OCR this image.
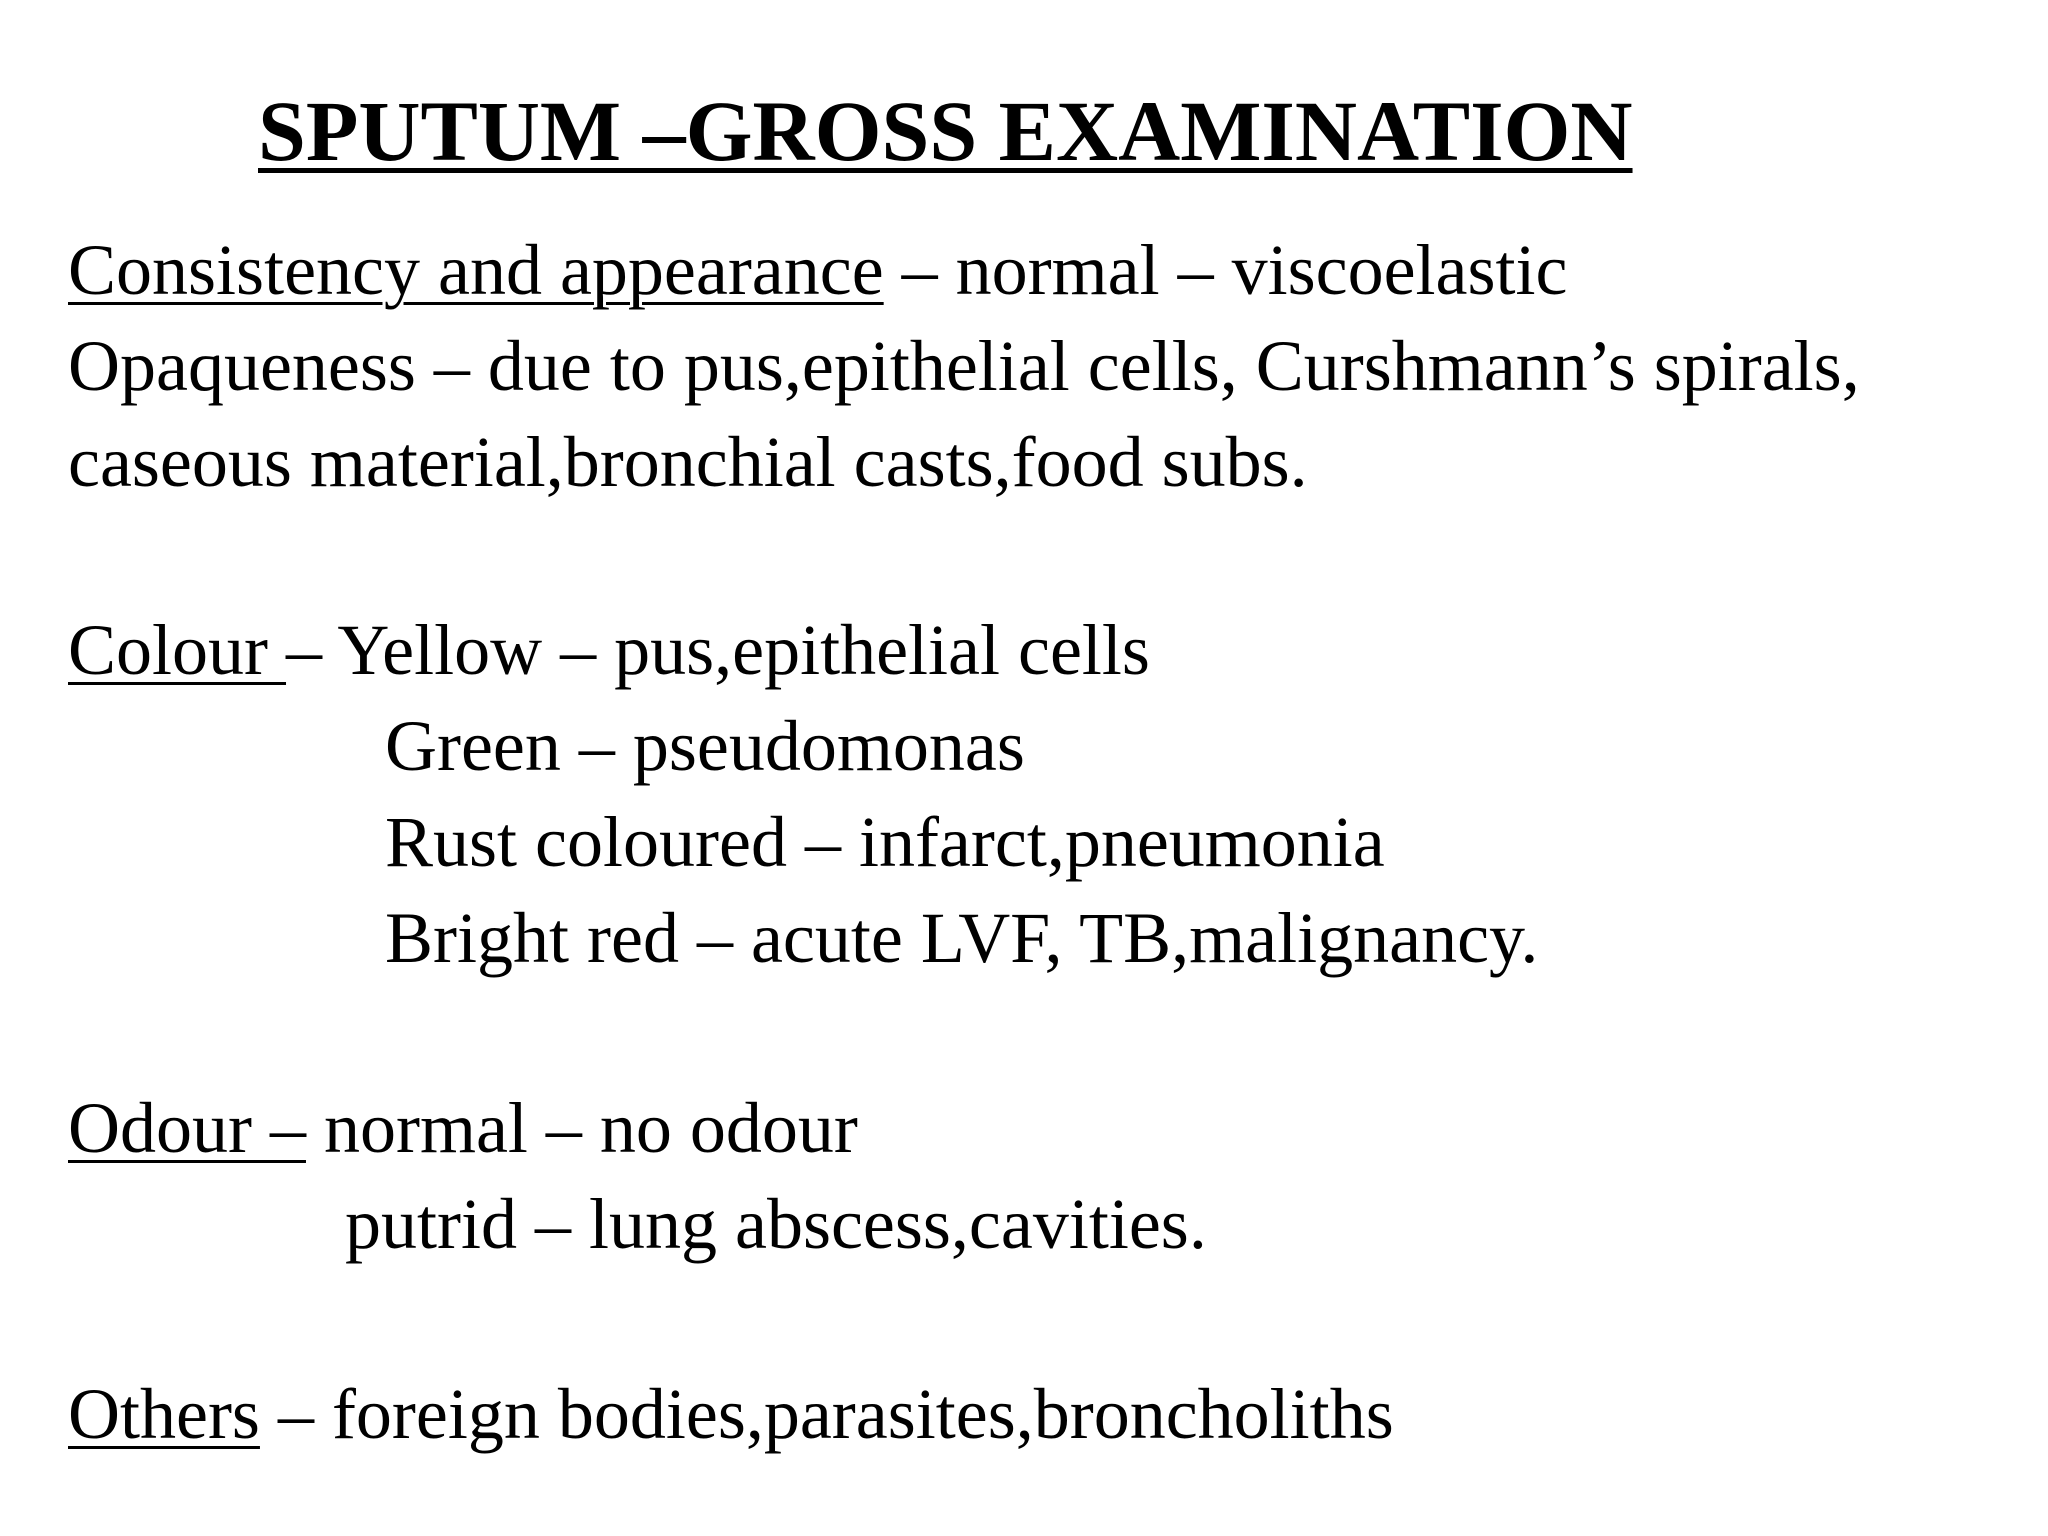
SPUTUM –GROSS EXAMINATION
Consistency and appearance – normal – viscoelastic
Opaqueness – due to pus,epithelial cells, Curshmann’s spirals,
caseous material,bronchial casts,food subs.
Colour – Yellow – pus,epithelial cells
Green – pseudomonas
Rust coloured – infarct,pneumonia
Bright red – acute LVF, TB,malignancy.
Odour – normal – no odour
putrid – lung abscess,cavities.
Others – foreign bodies,parasites,broncholiths
